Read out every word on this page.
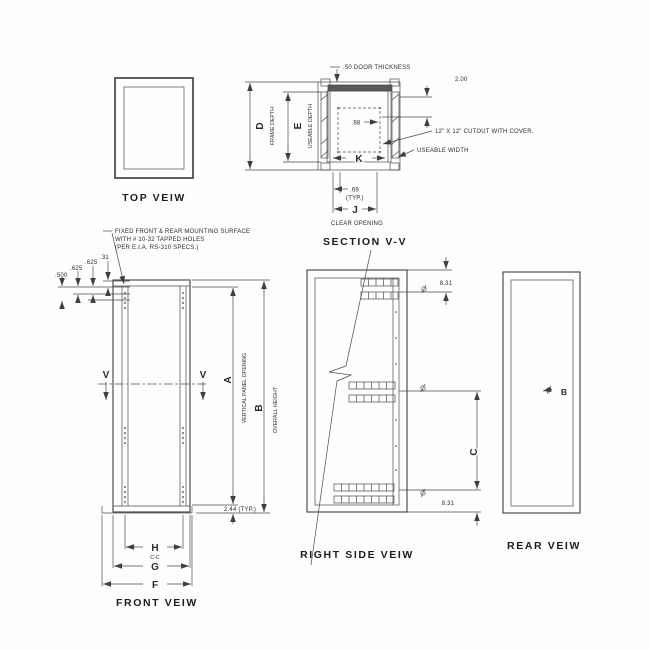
TOP VEIW
.98
K
.50 DOOR THICKNESS
2.00
12" X 12" CUTOUT WITH COVER.
USEABLE WIDTH
D FRAME DEPTH E USEABLE DEPTH
.69
(TYP.)
J
CLEAR OPENING
SECTION V-V
FIXED FRONT & REAR MOUNTING SURFACE
WITH # 10-32 TAPPED HOLES
(PER E.I.A. RS-310 SPECS.)
V	V
.500
.625
.625
.31
A VERTICAL PANEL OPENING B OVERALL HEIGHT
2.44 (TYP.)
H
C-C
G
F
FRONT VEIW
8.31
C
8.31
RIGHT SIDE VEIW
B
REAR VEIW
